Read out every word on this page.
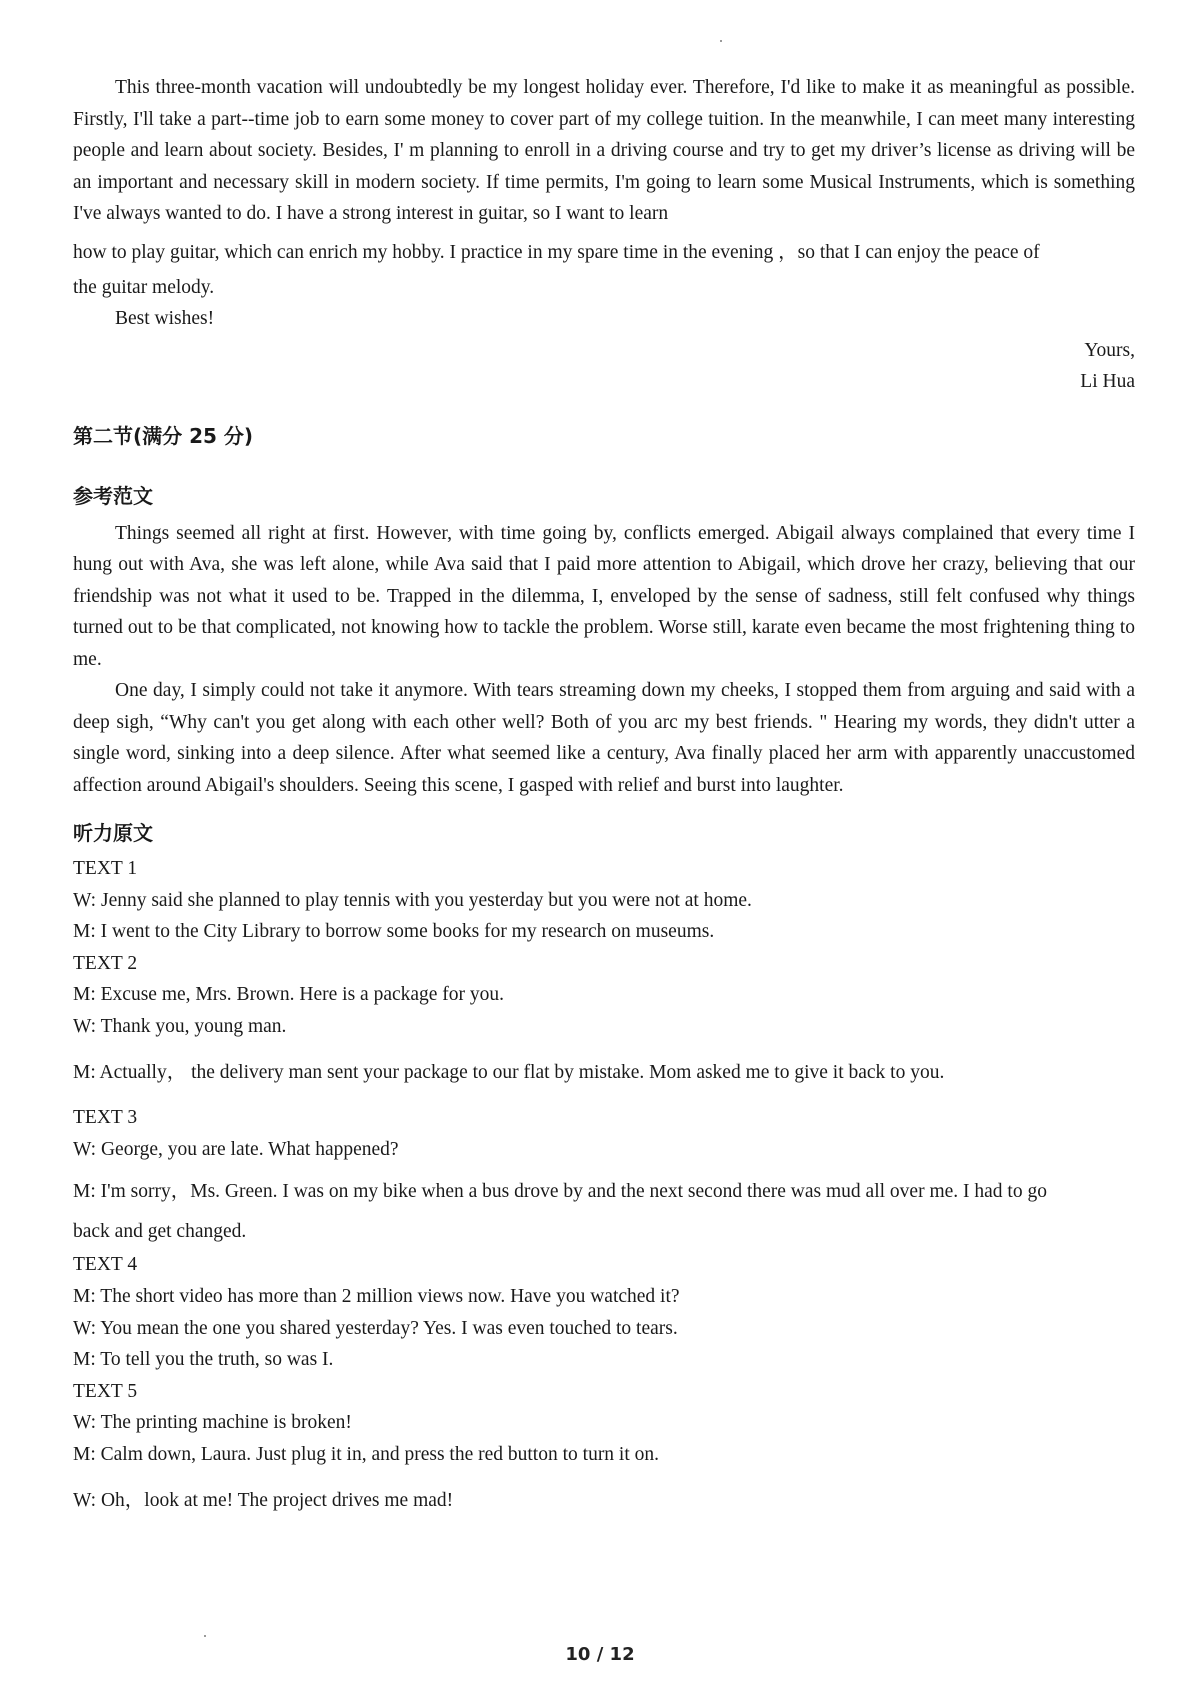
This three-month vacation will undoubtedly be my longest holiday ever. Therefore, I'd like to make it as meaningful as possible. Firstly, I'll take a part--time job to earn some money to cover part of my college tuition. In the meanwhile, I can meet many interesting people and learn about society. Besides, I' m planning to enroll in a driving course and try to get my driver’s license as driving will be an important and necessary skill in modern society. If time permits, I'm going to learn some Musical Instruments, which is something I've always wanted to do. I have a strong interest in guitar, so I want to learn

how to play guitar, which can enrich my hobby. I practice in my spare time in the evening ，so that I can enjoy the peace of

the guitar melody.

Best wishes!

Yours,

Li Hua

第二节(满分 25 分)
参考范文

Things seemed all right at first. However, with time going by, conflicts emerged. Abigail always complained that every time I hung out with Ava, she was left alone, while Ava said that I paid more attention to Abigail, which drove her crazy, believing that our friendship was not what it used to be. Trapped in the dilemma, I, enveloped by the sense of sadness, still felt confused why things turned out to be that complicated, not knowing how to tackle the problem. Worse still, karate even became the most frightening thing to me.

One day, I simply could not take it anymore. With tears streaming down my cheeks, I stopped them from arguing and said with a deep sigh, “Why can't you get along with each other well? Both of you arc my best friends. " Hearing my words, they didn't utter a single word, sinking into a deep silence. After what seemed like a century, Ava finally placed her arm with apparently unaccustomed affection around Abigail's shoulders. Seeing this scene, I gasped with relief and burst into laughter.

听力原文

TEXT 1

W: Jenny said she planned to play tennis with you yesterday but you were not at home.

M: I went to the City Library to borrow some books for my research on museums.

TEXT 2

M: Excuse me, Mrs. Brown. Here is a package for you.

W: Thank you, young man.

M: Actually， the delivery man sent your package to our flat by mistake. Mom asked me to give it back to you.

TEXT 3

W: George, you are late. What happened?

M: I'm sorry，Ms. Green. I was on my bike when a bus drove by and the next second there was mud all over me. I had to go

back and get changed.

TEXT 4

M: The short video has more than 2 million views now. Have you watched it?

W: You mean the one you shared yesterday? Yes. I was even touched to tears.

M: To tell you the truth, so was I.

TEXT 5

W: The printing machine is broken!

M: Calm down, Laura. Just plug it in, and press the red button to turn it on.

W: Oh，look at me! The project drives me mad!

10 / 12
